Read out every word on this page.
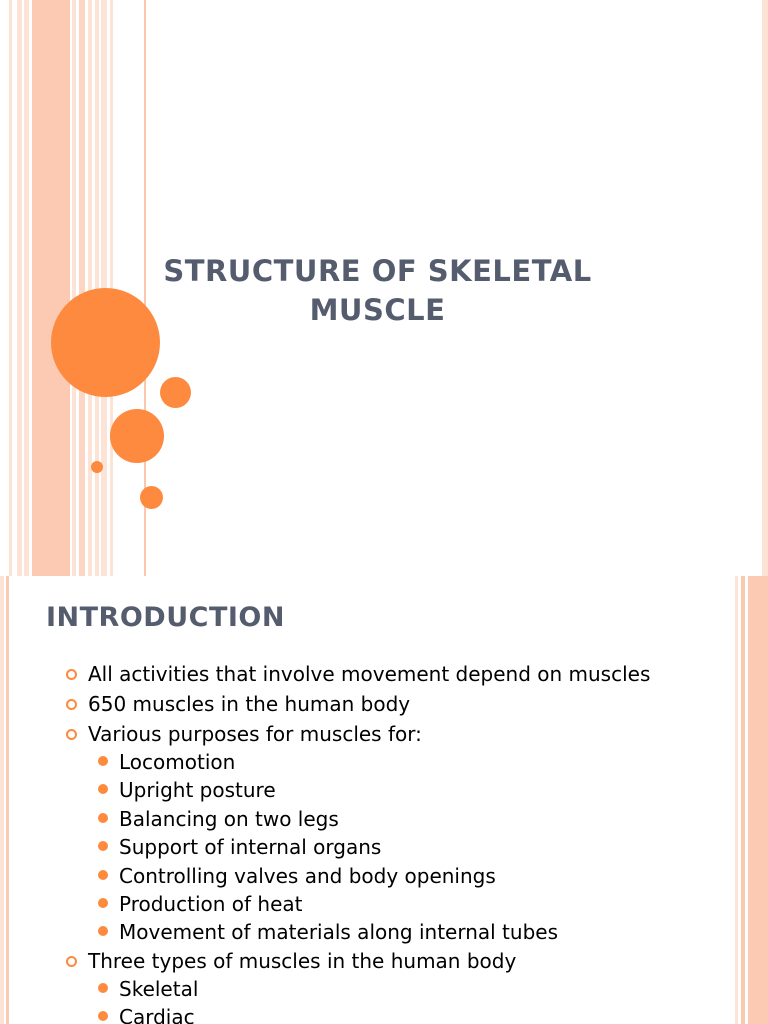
STRUCTURE OF SKELETAL
MUSCLE
INTRODUCTION
All activities that involve movement depend on muscles
650 muscles in the human body
Various purposes for muscles for:
Locomotion
Upright posture
Balancing on two legs
Support of internal organs
Controlling valves and body openings
Production of heat
Movement of materials along internal tubes
Three types of muscles in the human body
Skeletal
Cardiac
